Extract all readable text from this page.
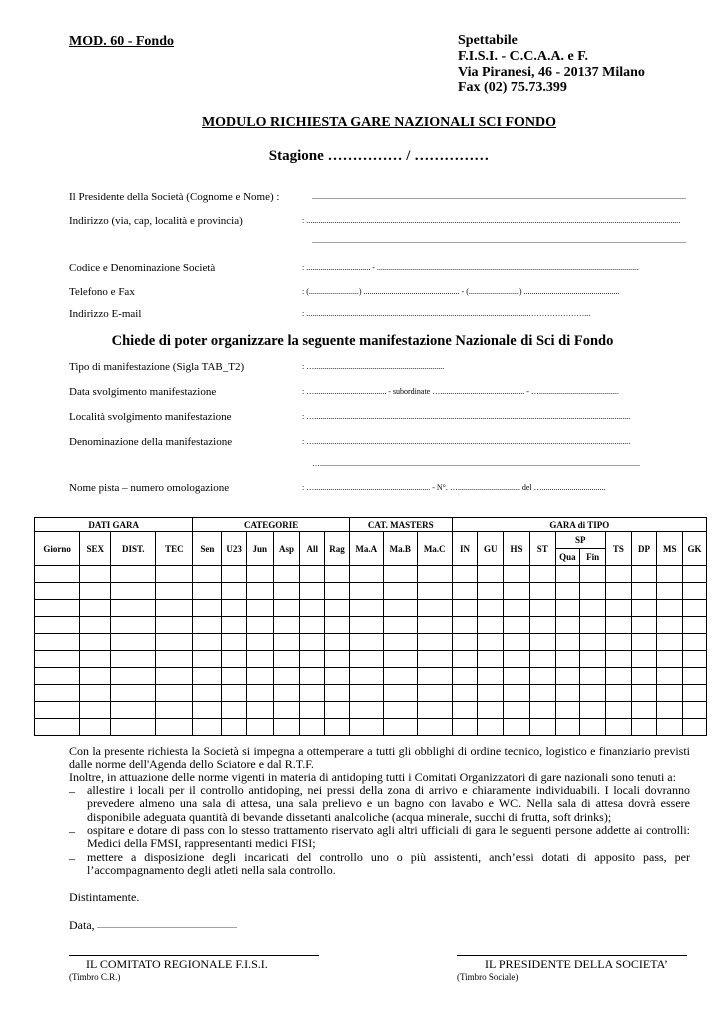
MOD. 60 - Fondo	Spettabile
F.I.S.I. - C.C.A.A. e F.
Via Piranesi, 46 - 20137 Milano
Fax (02) 75.73.399
MODULO RICHIESTA GARE NAZIONALI SCI FONDO
Stagione …………… / ……………
Il Presidente della Società (Cognome e Nome) :	...........................................................................................................................................................................................
Indirizzo (via, cap, località e provincia)	: ...........................................................................................................................................................................................
...........................................................................................................................................................................................
Codice e Denominazione Società	: ................................ - ...................................................................................................................................
Telefono e Fax	: (.........................) ................................................ - (.........................) ................................................
Indirizzo E-mail	: ...............................................................................................................…………………...
Chiede di poter organizzare la seguente manifestazione Nazionale di Sci di Fondo
Tipo di manifestazione (Sigla TAB_T2)	: ….................................................................
Data svolgimento manifestazione	: ….................................... - subordinate ….......................................... - …........................................
Località svolgimento manifestazione	: …..............................................................................................................................................................
Denominazione della manifestazione	: …..............................................................................................................................................................
…................................................................................................................................................................
Nome pista – numero omologazione	: ….......................................................... - N°. …............................... del …................................
DATI GARA				CATEGORIE						CAT. MASTERS			GARA di TIPO									
Giorno	SEX	DIST.	TEC	Sen	U23	Jun	Asp	All	Rag	Ma.A	Ma.B	Ma.C	IN	GU	HS	ST	SP		TS	DP	MS	GK
																	Qua	Fin				

Con la presente richiesta la Società si impegna a ottemperare a tutti gli obblighi di ordine tecnico, logistico e finanziario previsti dalle norme dell'Agenda dello Sciatore e dal R.T.F.
Inoltre, in attuazione delle norme vigenti in materia di antidoping tutti i Comitati Organizzatori di gare nazionali sono tenuti a:
– allestire i locali per il controllo antidoping, nei pressi della zona di arrivo e chiaramente individuabili. I locali dovranno prevedere almeno una sala di attesa, una sala prelievo e un bagno con lavabo e WC. Nella sala di attesa dovrà essere disponibile adeguata quantità di bevande dissetanti analcoliche (acqua minerale, succhi di frutta, soft drinks);
– ospitare e dotare di pass con lo stesso trattamento riservato agli altri ufficiali di gara le seguenti persone addette ai controlli: Medici della FMSI, rappresentanti medici FISI;
– mettere a disposizione degli incaricati del controllo uno o più assistenti, anch’essi dotati di apposito pass, per l’accompagnamento degli atleti nella sala controllo.
Distintamente.
Data, ......................................................................
IL COMITATO REGIONALE F.I.S.I.
(Timbro C.R.)
IL PRESIDENTE DELLA SOCIETA’
(Timbro Sociale)
